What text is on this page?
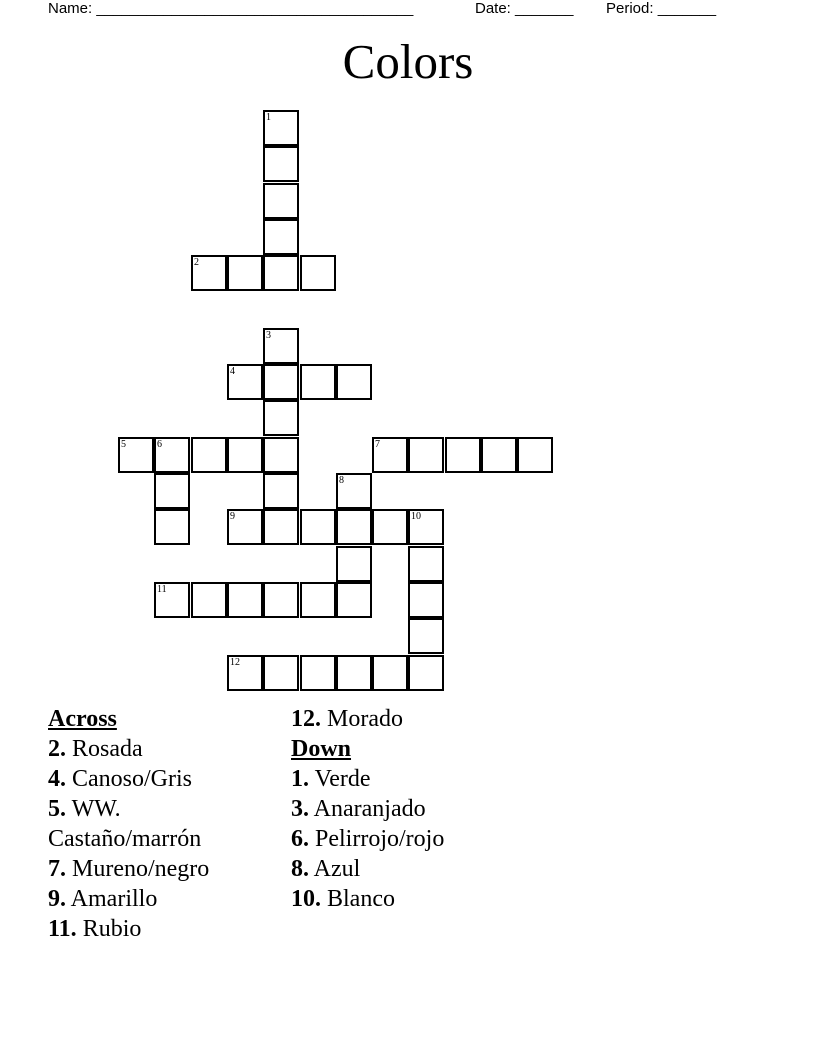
Name: ______________________________________	Date: _______ Period: _______
Colors
1
2
3
4
5	6	7
8
9	10
11
12
Across
2. Rosada
4. Canoso/Gris
5. WW. Castaño/marrón
7. Mureno/negro
9. Amarillo
11. Rubio
12. Morado
Down
1. Verde
3. Anaranjado
6. Pelirrojo/rojo
8. Azul
10. Blanco
